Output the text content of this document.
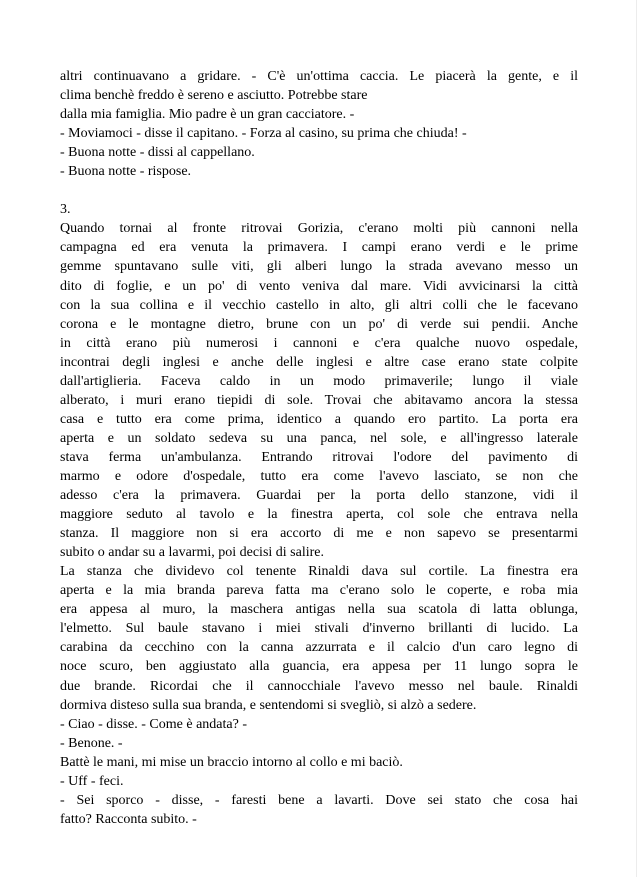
altri continuavano a gridare. - C'è un'ottima caccia. Le piacerà la gente, e il
clima benchè freddo è sereno e asciutto. Potrebbe stare
dalla mia famiglia. Mio padre è un gran cacciatore. -
- Moviamoci - disse il capitano. - Forza al casino, su prima che chiuda! -
- Buona notte - dissi al cappellano.
- Buona notte - rispose.
3.
Quando tornai al fronte ritrovai Gorizia, c'erano molti più cannoni nella
campagna ed era venuta la primavera. I campi erano verdi e le prime
gemme spuntavano sulle viti, gli alberi lungo la strada avevano messo un
dito di foglie, e un po' di vento veniva dal mare. Vidi avvicinarsi la città
con la sua collina e il vecchio castello in alto, gli altri colli che le facevano
corona e le montagne dietro, brune con un po' di verde sui pendii. Anche
in città erano più numerosi i cannoni e c'era qualche nuovo ospedale,
incontrai degli inglesi e anche delle inglesi e altre case erano state colpite
dall'artiglieria. Faceva caldo in un modo primaverile; lungo il viale
alberato, i muri erano tiepidi di sole. Trovai che abitavamo ancora la stessa
casa e tutto era come prima, identico a quando ero partito. La porta era
aperta e un soldato sedeva su una panca, nel sole, e all'ingresso laterale
stava ferma un'ambulanza. Entrando ritrovai l'odore del pavimento di
marmo e odore d'ospedale, tutto era come l'avevo lasciato, se non che
adesso c'era la primavera. Guardai per la porta dello stanzone, vidi il
maggiore seduto al tavolo e la finestra aperta, col sole che entrava nella
stanza. Il maggiore non si era accorto di me e non sapevo se presentarmi
subito o andar su a lavarmi, poi decisi di salire.
La stanza che dividevo col tenente Rinaldi dava sul cortile. La finestra era
aperta e la mia branda pareva fatta ma c'erano solo le coperte, e roba mia
era appesa al muro, la maschera antigas nella sua scatola di latta oblunga,
l'elmetto. Sul baule stavano i miei stivali d'inverno brillanti di lucido. La
carabina da cecchino con la canna azzurrata e il calcio d'un caro legno di
noce scuro, ben aggiustato alla guancia, era appesa per 11 lungo sopra le
due brande. Ricordai che il cannocchiale l'avevo messo nel baule. Rinaldi
dormiva disteso sulla sua branda, e sentendomi si svegliò, si alzò a sedere.
- Ciao - disse. - Come è andata? -
- Benone. -
Battè le mani, mi mise un braccio intorno al collo e mi baciò.
- Uff - feci.
- Sei sporco - disse, - faresti bene a lavarti. Dove sei stato che cosa hai
fatto? Racconta subito. -
